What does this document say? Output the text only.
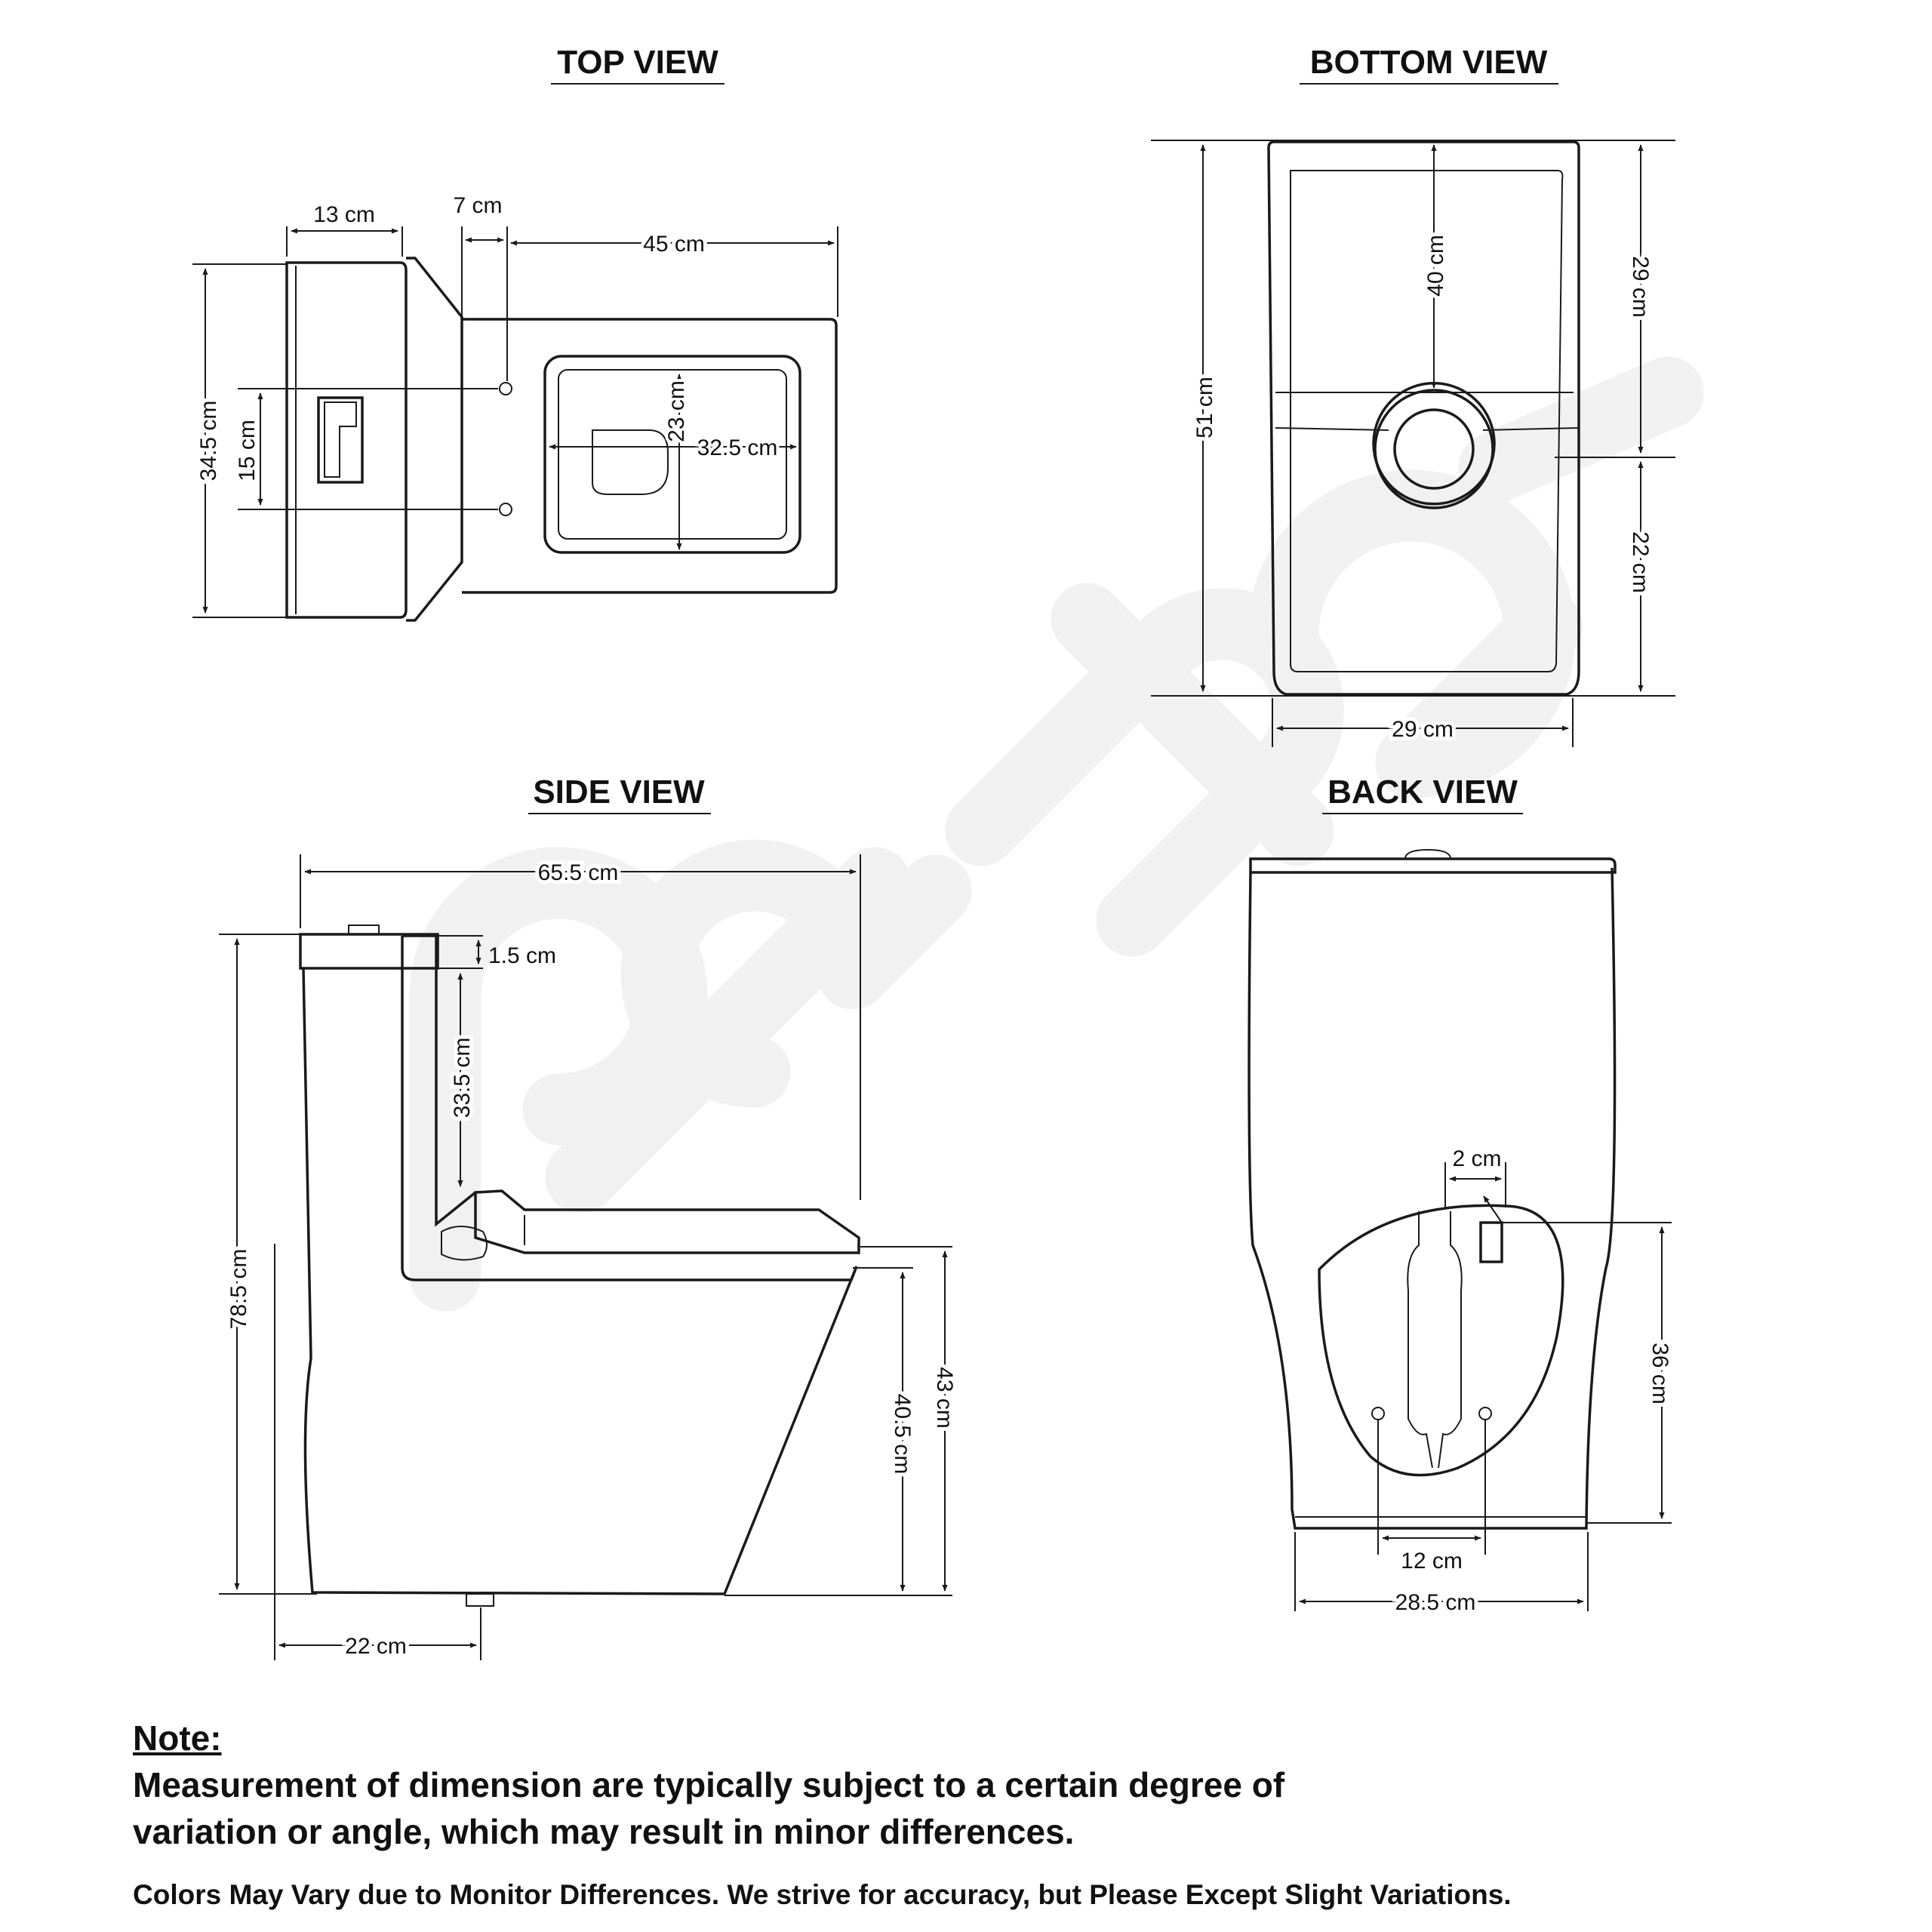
TOP VIEW
13 cm	7 cm
45 cm
34.5 cm 15 cm
23 cm
32.5 cm
BOTTOM VIEW
51 cm
40 cm	29 cm
22 cm
29 cm
SIDE VIEW
65.5 cm
1.5 cm
33.5 cm
78.5 cm
43 cm
40.5 cm
22 cm
BACK VIEW
2 cm
36 cm
12 cm
28.5 cm
Note:
Measurement of dimension are typically subject to a certain degree of variation or angle, which may result in minor differences.
Colors May Vary due to Monitor Differences. We strive for accuracy, but Please Except Slight Variations.
